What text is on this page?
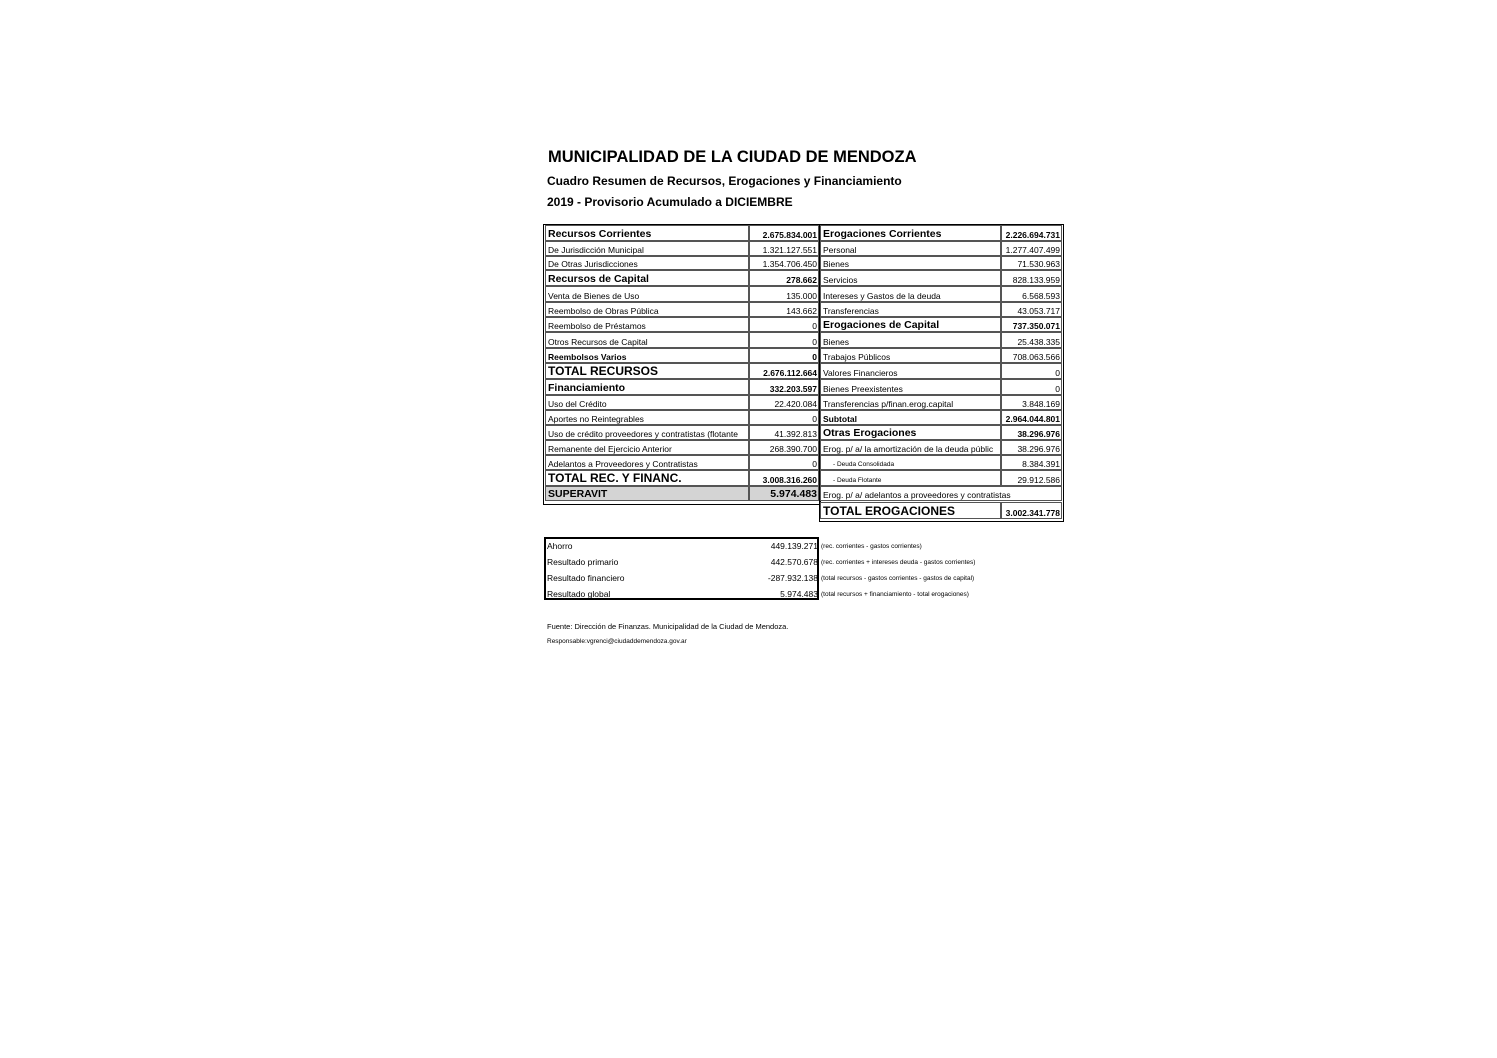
MUNICIPALIDAD DE LA CIUDAD DE MENDOZA
Cuadro Resumen de Recursos, Erogaciones y Financiamiento
2019 - Provisorio Acumulado a DICIEMBRE
Recursos Corrientes	2.675.834.001
De Jurisdicción Municipal	1.321.127.551
De Otras Jurisdicciones	1.354.706.450
Recursos de Capital	278.662
Venta de Bienes de Uso	135.000
Reembolso de Obras Pública	143.662
Reembolso de Préstamos	0
Otros Recursos de Capital	0
Reembolsos Varios	0
TOTAL RECURSOS	2.676.112.664
Financiamiento	332.203.597
Uso del Crédito	22.420.084
Aportes no Reintegrables	0
Uso de crédito proveedores y contratistas (flotante	41.392.813
Remanente del Ejercicio Anterior	268.390.700
Adelantos a Proveedores y Contratistas	0
TOTAL REC. Y FINANC.	3.008.316.260
SUPERAVIT	5.974.483
Erogaciones Corrientes	2.226.694.731
Personal	1.277.407.499
Bienes	71.530.963
Servicios	828.133.959
Intereses y Gastos de la deuda	6.568.593
Transferencias	43.053.717
Erogaciones de Capital	737.350.071
Bienes	25.438.335
Trabajos Públicos	708.063.566
Valores Financieros	0
Bienes Preexistentes	0
Transferencias p/finan.erog.capital	3.848.169
Subtotal	2.964.044.801
Otras Erogaciones	38.296.976
Erog. p/ a/ la amortización de la deuda públic	38.296.976
- Deuda Consolidada	8.384.391
- Deuda Flotante	29.912.586
Erog. p/ a/ adelantos a proveedores y contratistas
TOTAL EROGACIONES	3.002.341.778
Ahorro	449.139.271 (rec. corrientes - gastos corrientes)
Resultado primario	442.570.678 (rec. corrientes + intereses deuda - gastos corrientes)
Resultado financiero	-287.932.138 (total recursos - gastos corrientes - gastos de capital)
Resultado global	5.974.483 (total recursos + financiamiento - total erogaciones)
Fuente: Dirección de Finanzas. Municipalidad de la Ciudad de Mendoza.
Responsable:vgrenci@ciudaddemendoza.gov.ar
